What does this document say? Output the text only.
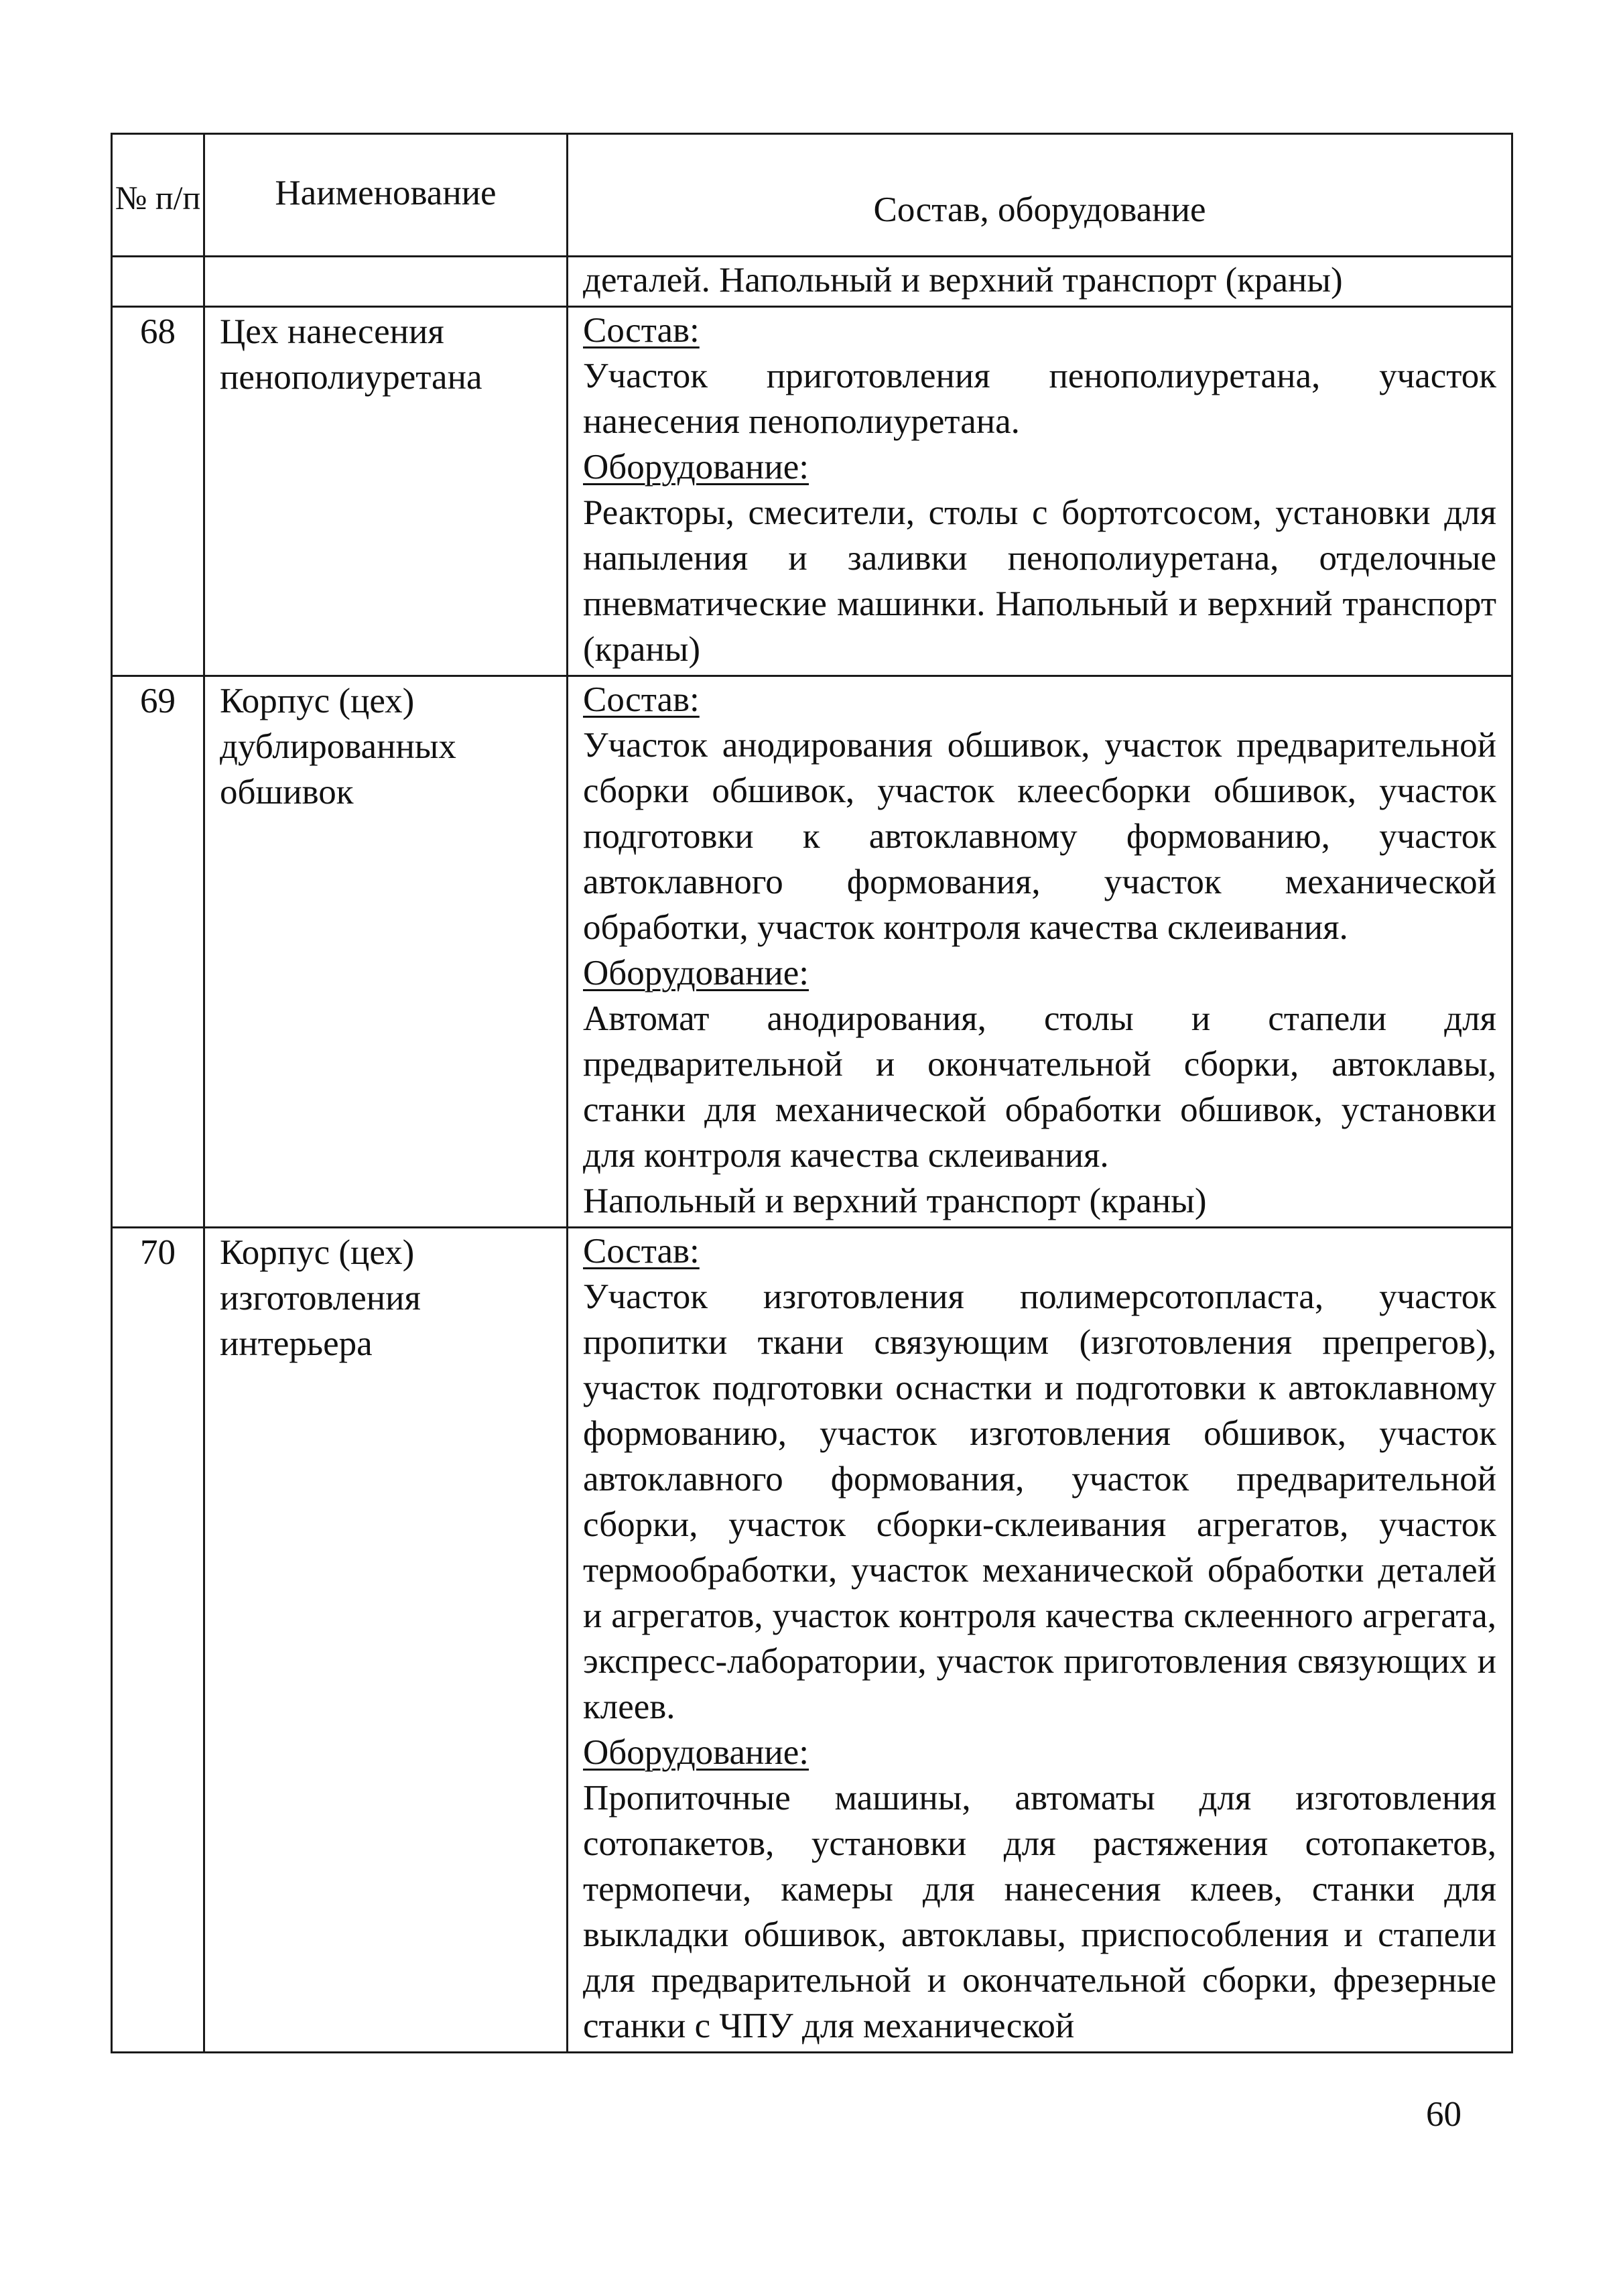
№ п/п	Наименование	Состав, оборудование

		деталей. Напольный и верхний транспорт (краны)

68	Цех нанесения пенополиуретана	Состав:

Участок приготовления пенополиуретана, участок нанесения пенополиуретана.

Оборудование:

Реакторы, смесители, столы с бортотсосом, установки для напыления и заливки пенополиуретана, отделочные пневматические машинки. Напольный и верхний транспорт (краны)

69	Корпус (цех) дублированных обшивок	Состав:

Участок анодирования обшивок, участок предварительной сборки обшивок, участок клеесборки обшивок, участок подготовки к автоклавному формованию, участок автоклавного формования, участок механической обработки, участок контроля качества склеивания.

Оборудование:

Автомат анодирования, столы и стапели для предварительной и окончательной сборки, автоклавы, станки для механической обработки обшивок, установки для контроля качества склеивания.

Напольный и верхний транспорт (краны)

70	Корпус (цех) изготовления интерьера	Состав:

Участок изготовления полимерсотопласта, участок пропитки ткани связующим (изготовления препрегов), участок подготовки оснастки и подготовки к автоклавному формованию, участок изготовления обшивок, участок автоклавного формования, участок предварительной сборки, участок сборки-склеивания агрегатов, участок термообработки, участок механической обработки деталей и агрегатов, участок контроля качества склеенного агрегата, экспресс-лаборатории, участок приготовления связующих и клеев.

Оборудование:

Пропиточные машины, автоматы для изготовления сотопакетов, установки для растяжения сотопакетов, термопечи, камеры для нанесения клеев, станки для выкладки обшивок, автоклавы, приспособления и стапели для предварительной и окончательной сборки, фрезерные станки с ЧПУ для механической

60
